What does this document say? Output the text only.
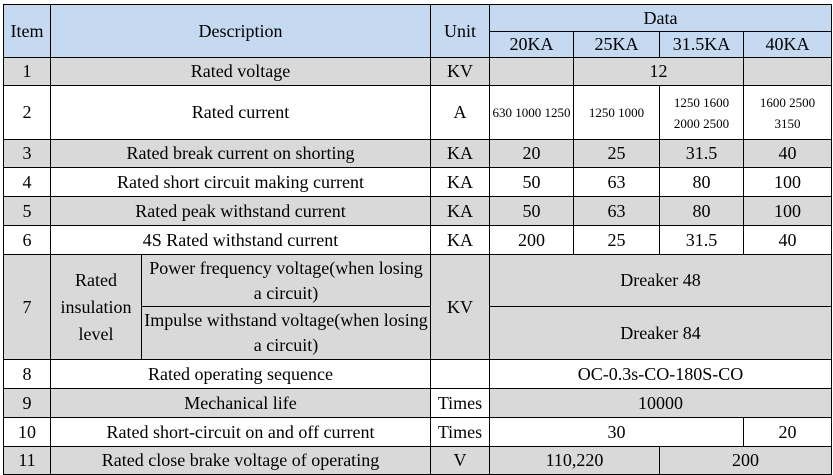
Item	Description		Unit	Data			
				20KA	25KA	31.5KA	40KA
1	Rated voltage		KV		12		
2	Rated current		A	630 1000 1250	1250 1000	1250 1600 2000 2500	1600 2500 3150
3	Rated break current on shorting		KA	20	25	31.5	40
4	Rated short circuit making current		KA	50	63	80	100
5	Rated peak withstand current		KA	50	63	80	100
6	4S Rated withstand current		KA	200	25	31.5	40
7	Rated insulation level	Power frequency voltage(when losing a circuit)	KV	Dreaker 48			
		Impulse withstand voltage(when losing a circuit)		Dreaker 84			
8	Rated operating sequence			OC-0.3s-CO-180S-CO			
9	Mechanical life		Times	10000			
10	Rated short-circuit on and off current		Times	30			20
11	Rated close brake voltage of operating		V	110,220		200	
